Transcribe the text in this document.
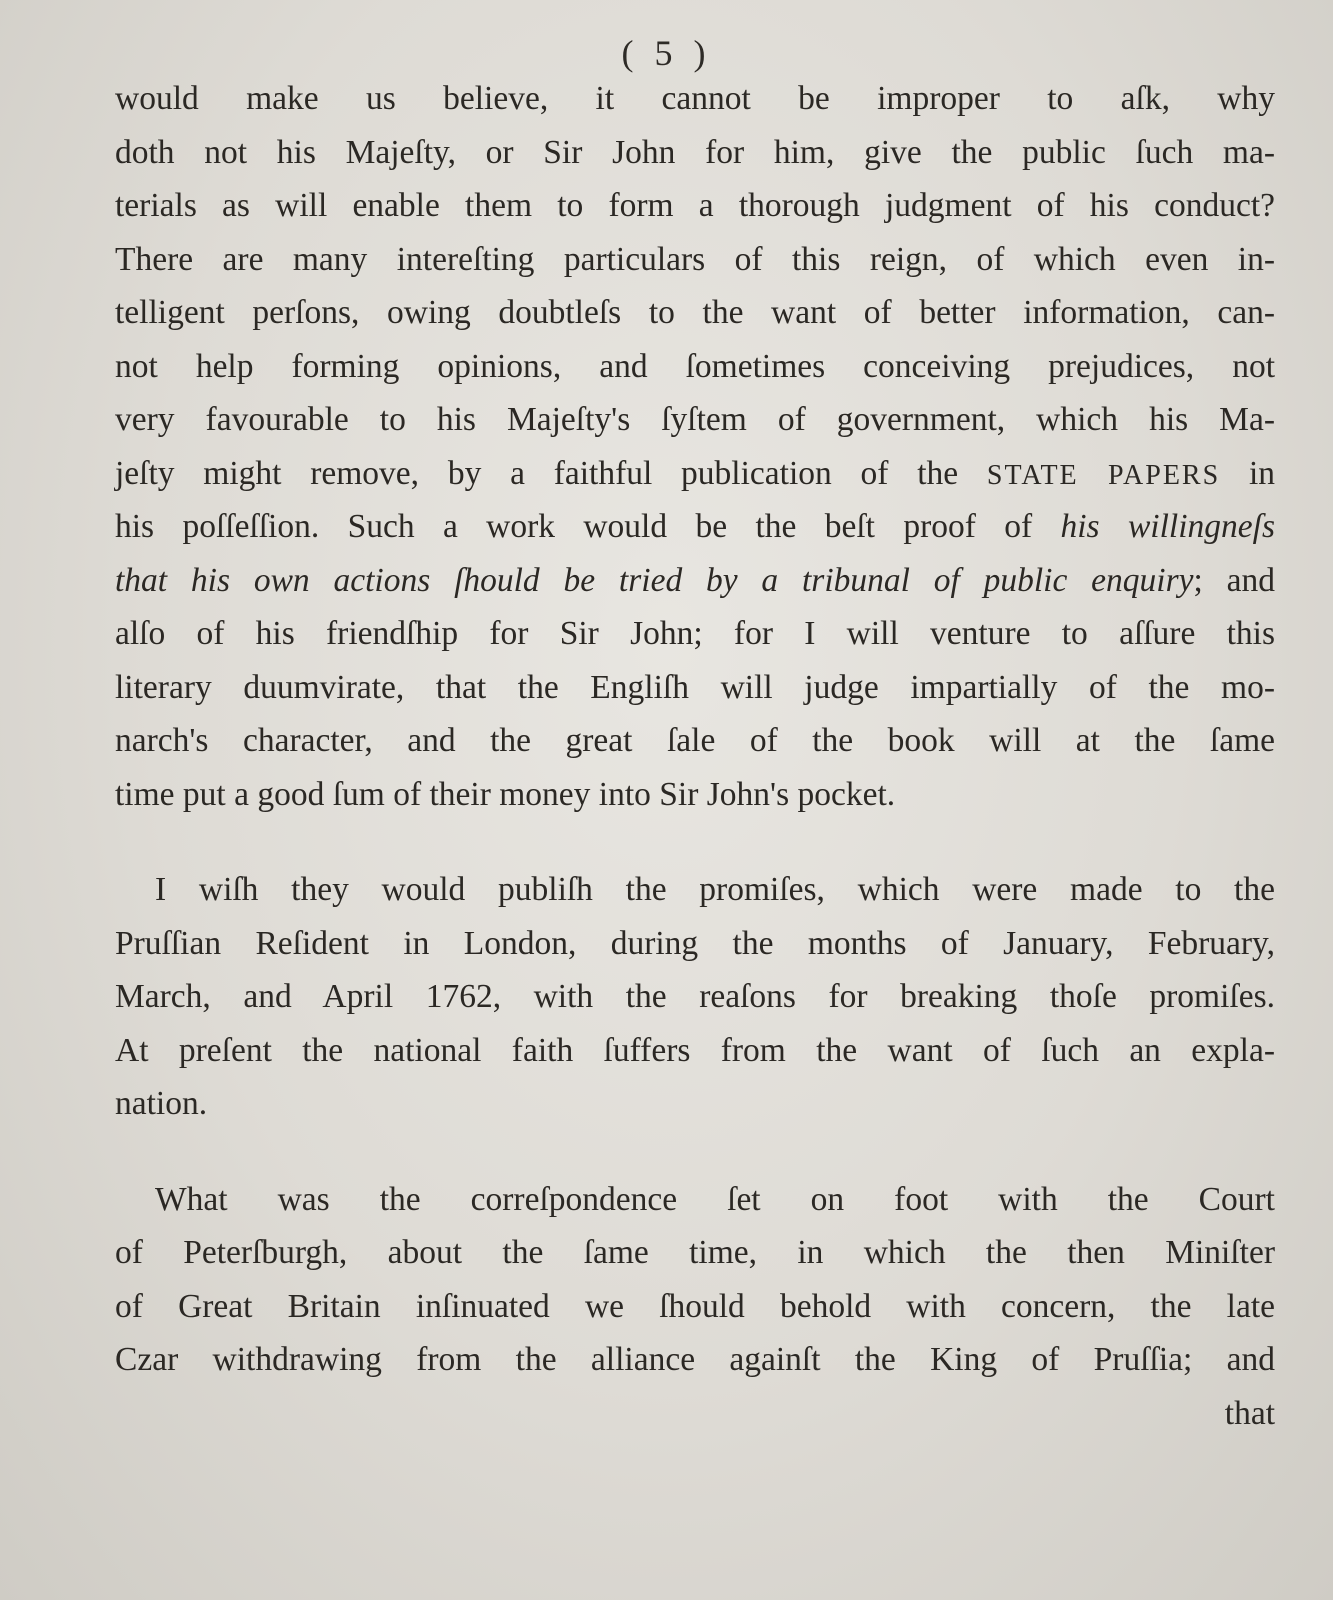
( 5 )
would make us believe, it cannot be improper to aſk, why
doth not his Majeſty, or Sir John for him, give the public ſuch ma-
terials as will enable them to form a thorough judgment of his conduct?
There are many intereſting particulars of this reign, of which even in-
telligent perſons, owing doubtleſs to the want of better information, can-
not help forming opinions, and ſometimes conceiving prejudices, not
very favourable to his Majeſty's ſyſtem of government, which his Ma-
jeſty might remove, by a faithful publication of the STATE PAPERS in
his poſſeſſion. Such a work would be the beſt proof of his willingneſs
that his own actions ſhould be tried by a tribunal of public enquiry; and
alſo of his friendſhip for Sir John; for I will venture to aſſure this
literary duumvirate, that the Engliſh will judge impartially of the mo-
narch's character, and the great ſale of the book will at the ſame
time put a good ſum of their money into Sir John's pocket.
I wiſh they would publiſh the promiſes, which were made to the
Pruſſian Reſident in London, during the months of January, February,
March, and April 1762, with the reaſons for breaking thoſe promiſes.
At preſent the national faith ſuffers from the want of ſuch an expla-
nation.
What was the correſpondence ſet on foot with the Court
of Peterſburgh, about the ſame time, in which the then Miniſter
of Great Britain inſinuated we ſhould behold with concern, the late
Czar withdrawing from the alliance againſt the King of Pruſſia; and
that
